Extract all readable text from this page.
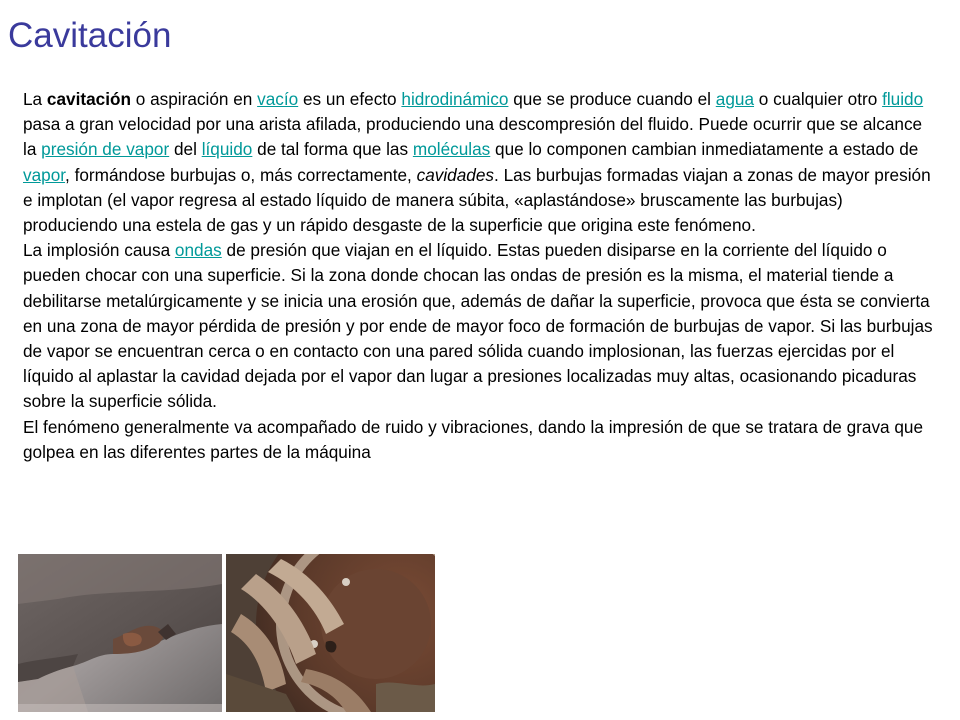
Cavitación

La cavitación o aspiración en vacío es un efecto hidrodinámico que se produce cuando el agua o cualquier otro fluido pasa a gran velocidad por una arista afilada, produciendo una descompresión del fluido. Puede ocurrir que se alcance la presión de vapor del líquido de tal forma que las moléculas que lo componen cambian inmediatamente a estado de vapor, formándose burbujas o, más correctamente, cavidades. Las burbujas formadas viajan a zonas de mayor presión e implotan (el vapor regresa al estado líquido de manera súbita, «aplastándose» bruscamente las burbujas) produciendo una estela de gas y un rápido desgaste de la superficie que origina este fenómeno.

La implosión causa ondas de presión que viajan en el líquido. Estas pueden disiparse en la corriente del líquido o pueden chocar con una superficie. Si la zona donde chocan las ondas de presión es la misma, el material tiende a debilitarse metalúrgicamente y se inicia una erosión que, además de dañar la superficie, provoca que ésta se convierta en una zona de mayor pérdida de presión y por ende de mayor foco de formación de burbujas de vapor. Si las burbujas de vapor se encuentran cerca o en contacto con una pared sólida cuando implosionan, las fuerzas ejercidas por el líquido al aplastar la cavidad dejada por el vapor dan lugar a presiones localizadas muy altas, ocasionando picaduras sobre la superficie sólida.

El fenómeno generalmente va acompañado de ruido y vibraciones, dando la impresión de que se tratara de grava que golpea en las diferentes partes de la máquina
